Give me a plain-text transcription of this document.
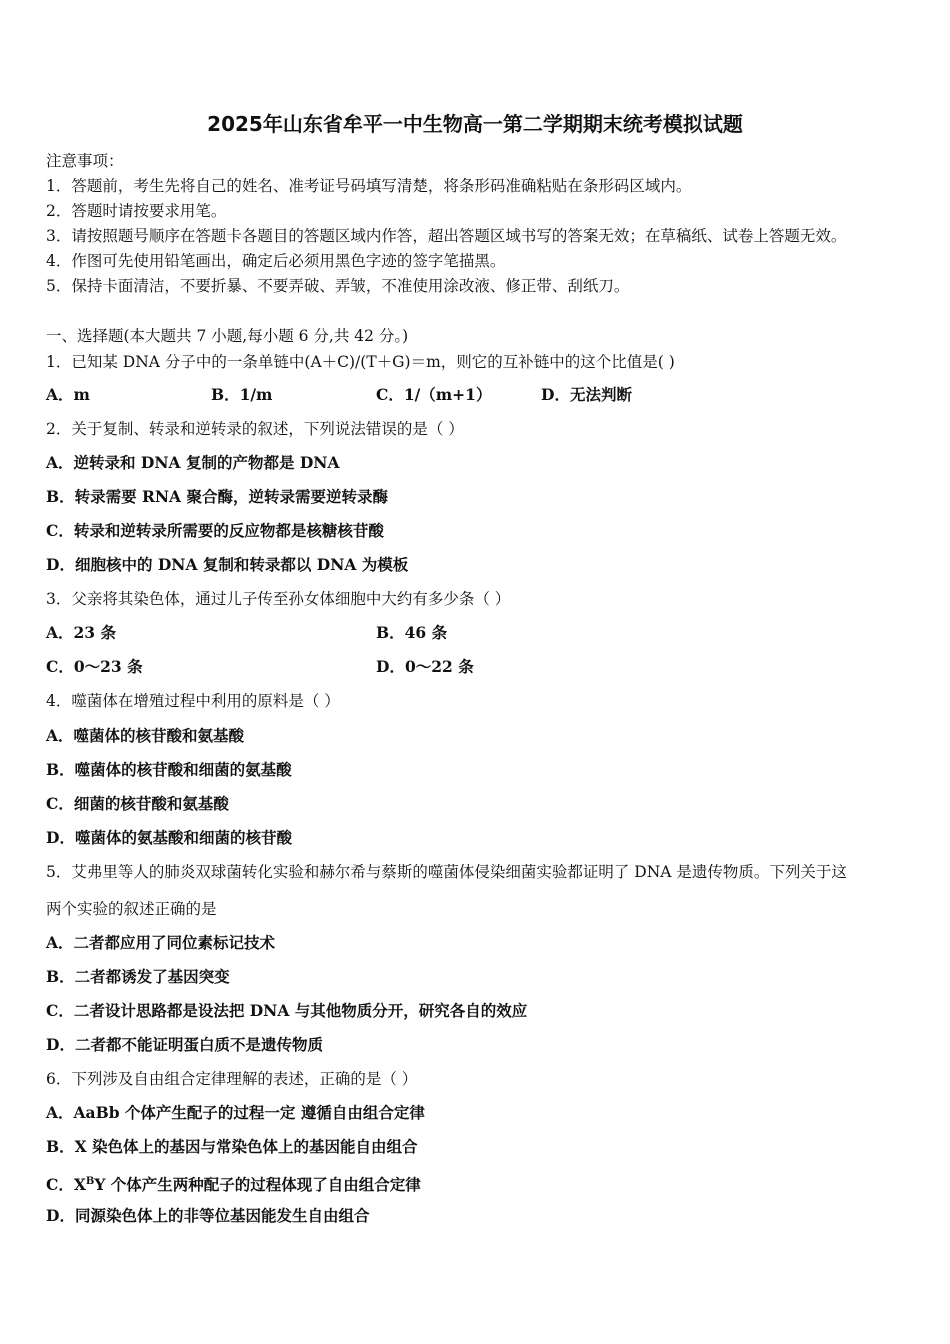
2025年山东省牟平一中生物高一第二学期期末统考模拟试题
注意事项：
1．答题前，考生先将自己的姓名、准考证号码填写清楚，将条形码准确粘贴在条形码区域内。
2．答题时请按要求用笔。
3．请按照题号顺序在答题卡各题目的答题区域内作答，超出答题区域书写的答案无效；在草稿纸、试卷上答题无效。
4．作图可先使用铅笔画出，确定后必须用黑色字迹的签字笔描黑。
5．保持卡面清洁，不要折暴、不要弄破、弄皱，不准使用涂改液、修正带、刮纸刀。
一、选择题(本大题共 7 小题,每小题 6 分,共 42 分。)
1．已知某 DNA 分子中的一条单链中(A＋C)/(T＋G)＝m，则它的互补链中的这个比值是( )
A．m	B．1/m	C．1/（m+1）	D．无法判断
2．关于复制、转录和逆转录的叙述，下列说法错误的是（ ）
A．逆转录和 DNA 复制的产物都是 DNA
B．转录需要 RNA 聚合酶，逆转录需要逆转录酶
C．转录和逆转录所需要的反应物都是核糖核苷酸
D．细胞核中的 DNA 复制和转录都以 DNA 为模板
3．父亲将其染色体，通过儿子传至孙女体细胞中大约有多少条（ ）
A．23 条	B．46 条
C．0～23 条	D．0～22 条
4．噬菌体在增殖过程中利用的原料是（ ）
A．噬菌体的核苷酸和氨基酸
B．噬菌体的核苷酸和细菌的氨基酸
C．细菌的核苷酸和氨基酸
D．噬菌体的氨基酸和细菌的核苷酸
5．艾弗里等人的肺炎双球菌转化实验和赫尔希与蔡斯的噬菌体侵染细菌实验都证明了 DNA 是遗传物质。下列关于这
两个实验的叙述正确的是
A．二者都应用了同位素标记技术
B．二者都诱发了基因突变
C．二者设计思路都是设法把 DNA 与其他物质分开，研究各自的效应
D．二者都不能证明蛋白质不是遗传物质
6．下列涉及自由组合定律理解的表述，正确的是（ ）
A．AaBb 个体产生配子的过程一定 遵循自由组合定律
B．X 染色体上的基因与常染色体上的基因能自由组合
C．$X^BY$ 个体产生两种配子的过程体现了自由组合定律
D．同源染色体上的非等位基因能发生自由组合
